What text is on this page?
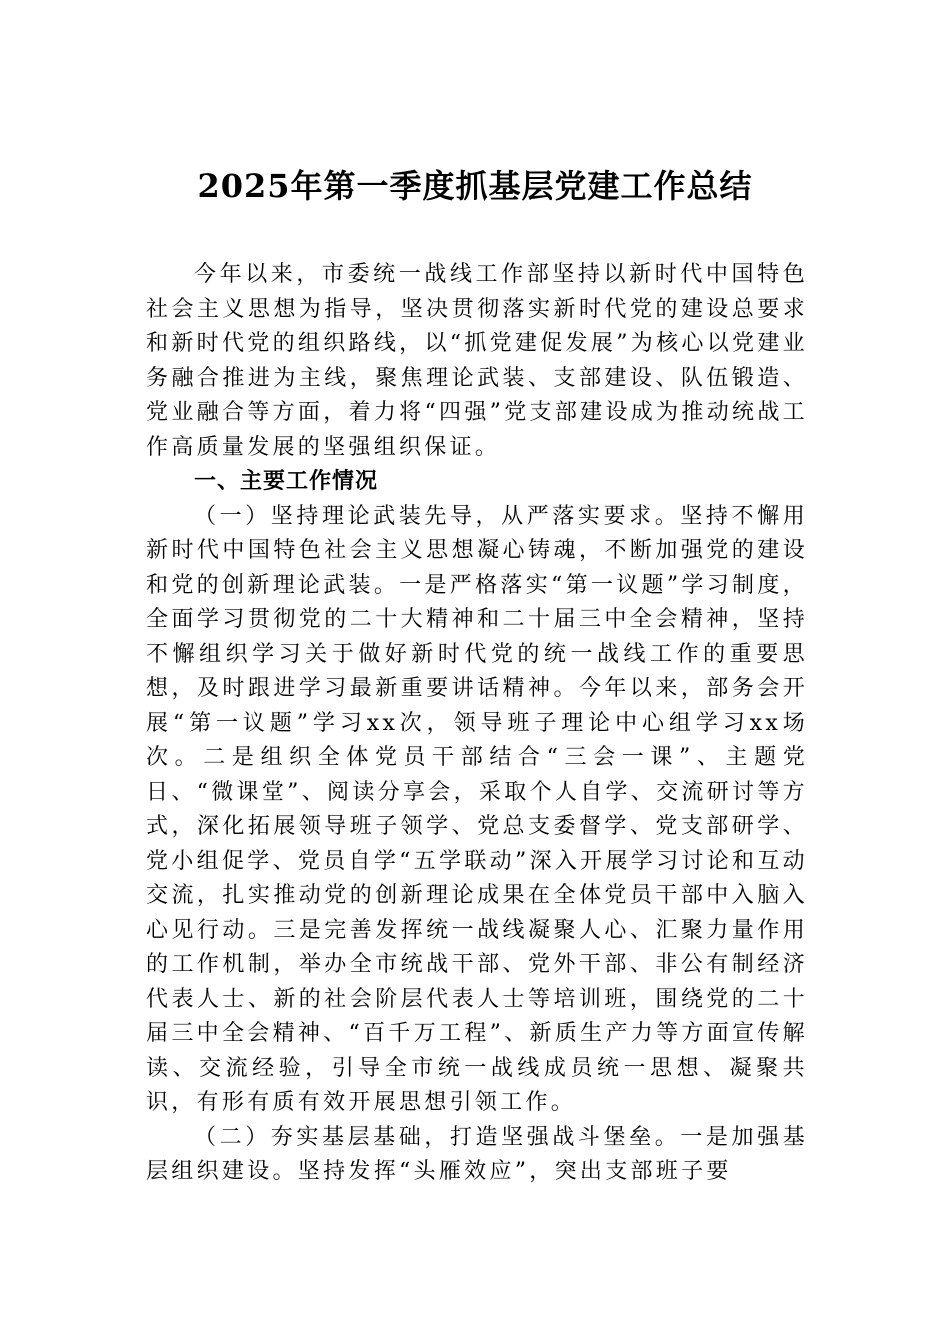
2025年第一季度抓基层党建工作总结

今年以来，市委统一战线工作部坚持以新时代中国特色社会主义思想为指导，坚决贯彻落实新时代党的建设总要求和新时代党的组织路线，以“抓党建促发展”为核心以党建业务融合推进为主线，聚焦理论武装、支部建设、队伍锻造、党业融合等方面，着力将“四强”党支部建设成为推动统战工作高质量发展的坚强组织保证。

一、主要工作情况

（一）坚持理论武装先导，从严落实要求。坚持不懈用新时代中国特色社会主义思想凝心铸魂，不断加强党的建设和党的创新理论武装。一是严格落实“第一议题”学习制度，全面学习贯彻党的二十大精神和二十届三中全会精神，坚持不懈组织学习关于做好新时代党的统一战线工作的重要思想，及时跟进学习最新重要讲话精神。今年以来，部务会开展“第一议题”学习xx次，领导班子理论中心组学习xx场次。二是组织全体党员干部结合“三会一课”、主题党日、“微课堂”、阅读分享会，采取个人自学、交流研讨等方式，深化拓展领导班子领学、党总支委督学、党支部研学、党小组促学、党员自学“五学联动”深入开展学习讨论和互动交流，扎实推动党的创新理论成果在全体党员干部中入脑入心见行动。三是完善发挥统一战线凝聚人心、汇聚力量作用的工作机制，举办全市统战干部、党外干部、非公有制经济代表人士、新的社会阶层代表人士等培训班，围绕党的二十届三中全会精神、“百千万工程”、新质生产力等方面宣传解读、交流经验，引导全市统一战线成员统一思想、凝聚共识，有形有质有效开展思想引领工作。

（二）夯实基层基础，打造坚强战斗堡垒。一是加强基层组织建设。坚持发挥“头雁效应”，突出支部班子要
